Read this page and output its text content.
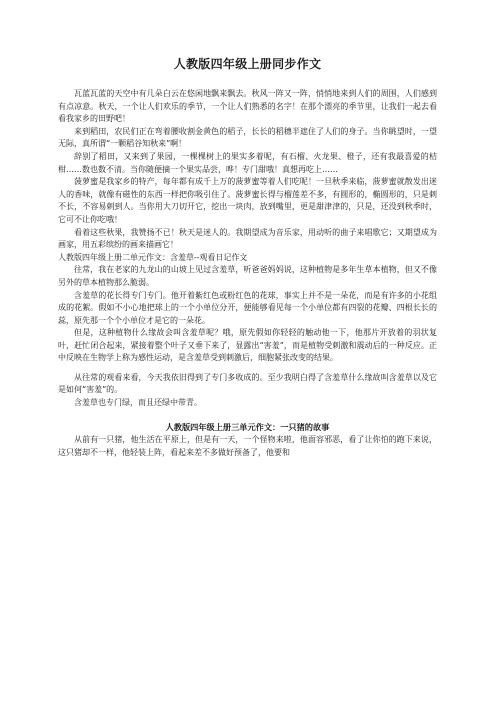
人教版四年级上册同步作文

瓦蓝瓦蓝的天空中有几朵白云在悠闲地飘来飘去。秋风一阵又一阵，悄悄地来到人们的周围，人们感到有点凉意。秋天，一个让人们欢乐的季节，一个让人们熟悉的名字！在那个漂亮的季节里，让我们一起去看看我家乡的田野吧！

来到稻田，农民们正在弯着腰收割金黄色的稻子，长长的稻穗半遮住了人们的身子。当你眺望时，一望无际，真所谓“一颗稻谷知秋来”啊！

辞别了稻田，又来到了果园，一棵棵树上的果实多着呢，有石榴、火龙果、橙子，还有我最喜爱的桔柑……数也数不清。当你随便摘一个果实品尝，哗！专门甜哦！真想再吃上……

菠萝蜜是我家乡的特产，每年都有成千上万的菠萝蜜等着人们吃呢！一旦秋季来临，菠萝蜜就散发出迷人的香味，就像有磁性的东西一样把你吸引住了。菠萝蜜长得与榴莲差不多，有圆形的，椭圆形的，只是刺不长，不容易刺到人。当你用大刀切开它，挖出一块肉，放到嘴里，更是甜津津的，只是，还没到秋季时，它可不让你吃哦！

看着这些秋果，我赞扬不已！秋天是迷人的。我期望成为音乐家，用动听的曲子来唱歌它；又期望成为画家，用五彩缤纷的画来描画它！

人教版四年级上册二单元作文：含羞草--观看日记作文

往常，我在老家的九龙山的山坡上见过含羞草，听爸爸妈妈说，这种植物是多年生草本植物，但又不像另外的草本植物那么脆弱。

含羞草的花长得专门专门。他开着紫红色或粉红色的花球，事实上并不是一朵花，而是有许多的小花组成的花絮。假如不小心地把球上的一个小单位分开，便能够看见每一个小单位都有四裂的花瓣、四根长长的蕊，原先那一个个小单位才是它的一朵花。

但是，这种植物什么缘故会叫含羞草呢？哦，原先假如你轻轻的触动他一下，他那片开放着的羽状复叶，赶忙闭合起来，紧接着整个叶子又垂下来了，显露出“害羞”，而是植物受刺激和震动后的一种反应。正中反映在生物学上称为感性运动，是含羞草受到刺激后，细胞紧张改变的结果。

从往常的观看来看，今天我依旧得到了专门多收成的。至少我明白得了含羞草什么缘故叫含羞草以及它是如何“害羞”的。

含羞草也专门绿，而且还绿中带青。

人教版四年级上册三单元作文：一只猪的故事

从前有一只猪，他生活在平原上，但是有一天，一个怪物来啦，他面容邪恶，看了让你怕的跑下来说，这只猪却不一样，他轻装上阵，看起来差不多做好预备了，他要和
